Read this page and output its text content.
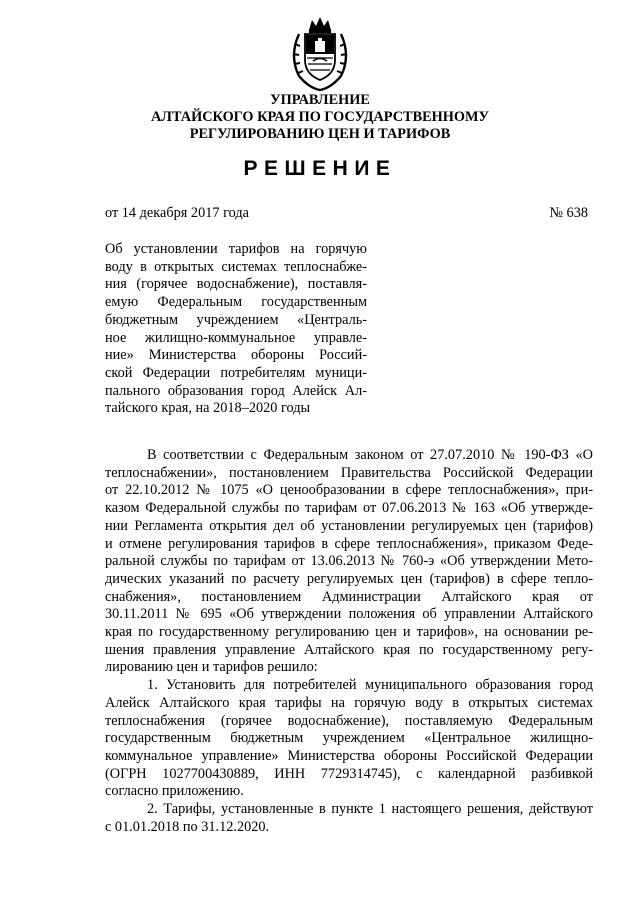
УПРАВЛЕНИЕ
АЛТАЙСКОГО КРАЯ ПО ГОСУДАРСТВЕННОМУ
РЕГУЛИРОВАНИЮ ЦЕН И ТАРИФОВ
РЕШЕНИЕ
от 14 декабря 2017 года	№ 638
Об установлении тарифов на горячую
воду в открытых системах теплоснабже-
ния (горячее водоснабжение), поставля-
емую Федеральным государственным
бюджетным учреждением «Централь-
ное жилищно-коммунальное управле-
ние» Министерства обороны Россий-
ской Федерации потребителям муници-
пального образования город Алейск Ал-
тайского края, на 2018–2020 годы
В соответствии с Федеральным законом от 27.07.2010 № 190-ФЗ «О
теплоснабжении», постановлением Правительства Российской Федерации
от 22.10.2012 № 1075 «О ценообразовании в сфере теплоснабжения», при-
казом Федеральной службы по тарифам от 07.06.2013 № 163 «Об утвержде-
нии Регламента открытия дел об установлении регулируемых цен (тарифов)
и отмене регулирования тарифов в сфере теплоснабжения», приказом Феде-
ральной службы по тарифам от 13.06.2013 № 760-э «Об утверждении Мето-
дических указаний по расчету регулируемых цен (тарифов) в сфере тепло-
снабжения», постановлением Администрации Алтайского края от
30.11.2011 № 695 «Об утверждении положения об управлении Алтайского
края по государственному регулированию цен и тарифов», на основании ре-
шения правления управление Алтайского края по государственному регу-
лированию цен и тарифов решило:
1. Установить для потребителей муниципального образования город
Алейск Алтайского края тарифы на горячую воду в открытых системах
теплоснабжения (горячее водоснабжение), поставляемую Федеральным
государственным бюджетным учреждением «Центральное жилищно-
коммунальное управление» Министерства обороны Российской Федерации
(ОГРН 1027700430889, ИНН 7729314745), с календарной разбивкой
согласно приложению.
2. Тарифы, установленные в пункте 1 настоящего решения, действуют
с 01.01.2018 по 31.12.2020.
